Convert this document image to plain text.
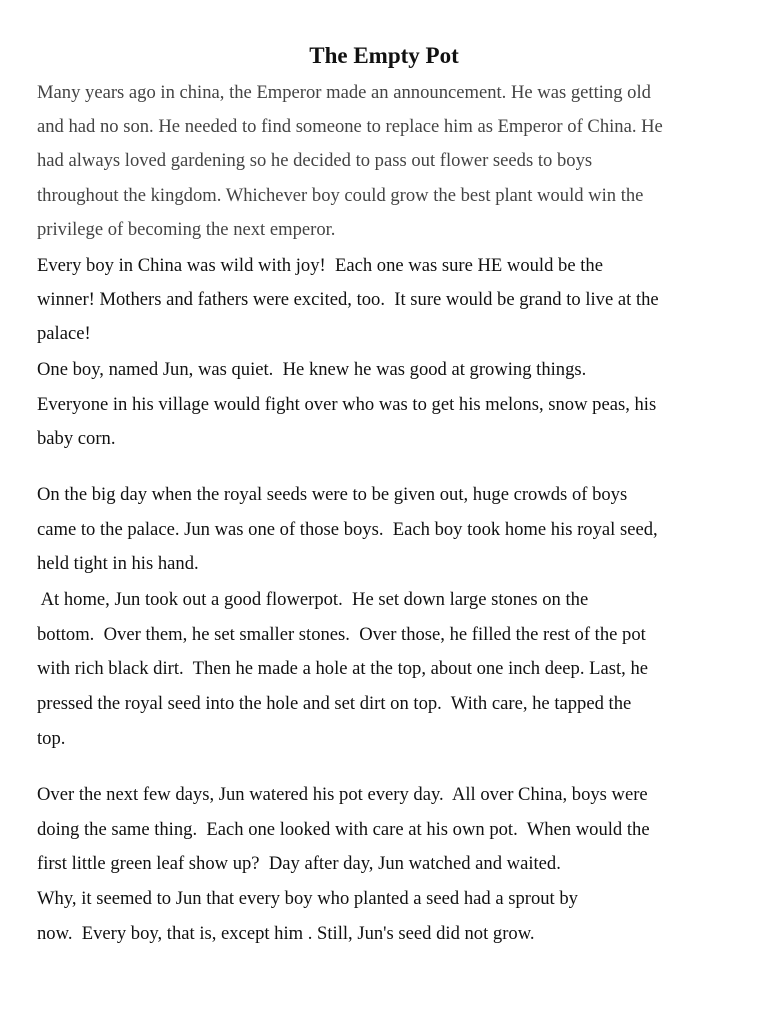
The Empty Pot

Many years ago in china, the Emperor made an announcement. He was getting old

and had no son. He needed to find someone to replace him as Emperor of China. He

had always loved gardening so he decided to pass out flower seeds to boys

throughout the kingdom. Whichever boy could grow the best plant would win the

privilege of becoming the next emperor.

Every boy in China was wild with joy!  Each one was sure HE would be the

winner! Mothers and fathers were excited, too.  It sure would be grand to live at the

palace!

One boy, named Jun, was quiet.  He knew he was good at growing things.

Everyone in his village would fight over who was to get his melons, snow peas, his

baby corn.

On the big day when the royal seeds were to be given out, huge crowds of boys

came to the palace. Jun was one of those boys.  Each boy took home his royal seed,

held tight in his hand.

At home, Jun took out a good flowerpot.  He set down large stones on the

bottom.  Over them, he set smaller stones.  Over those, he filled the rest of the pot

with rich black dirt.  Then he made a hole at the top, about one inch deep. Last, he

pressed the royal seed into the hole and set dirt on top.  With care, he tapped the

top.

Over the next few days, Jun watered his pot every day.  All over China, boys were

doing the same thing.  Each one looked with care at his own pot.  When would the

first little green leaf show up?  Day after day, Jun watched and waited.

Why, it seemed to Jun that every boy who planted a seed had a sprout by

now.  Every boy, that is, except him . Still, Jun's seed did not grow.
